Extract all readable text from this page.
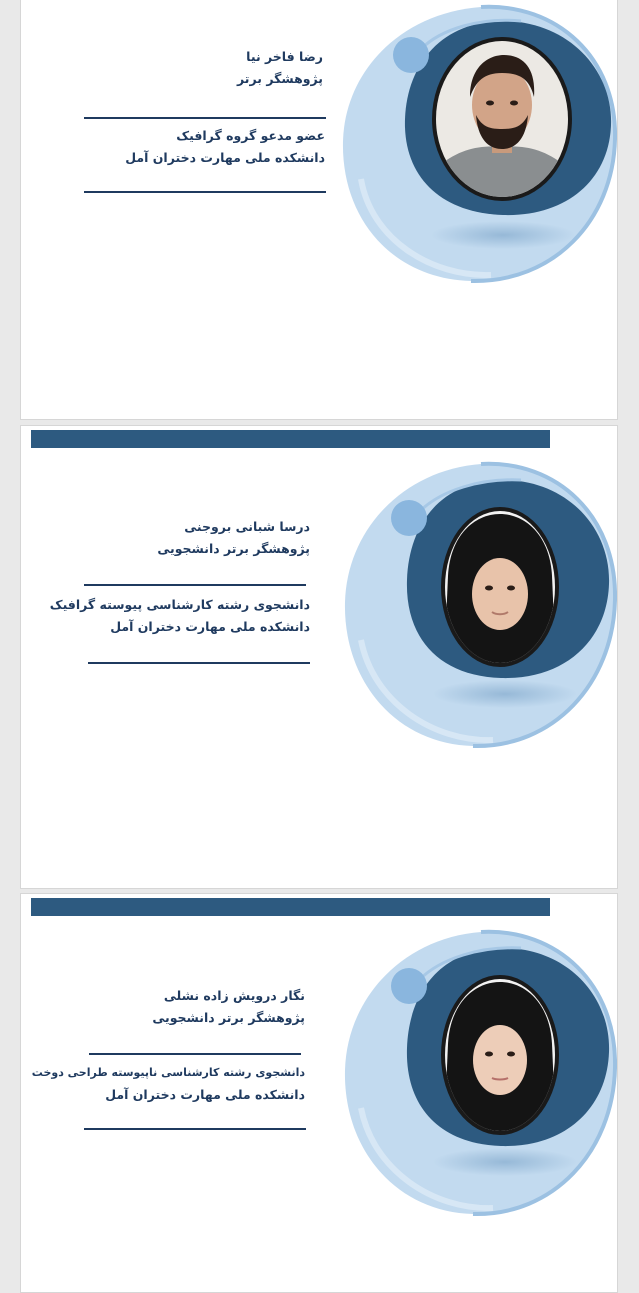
رضا فاخر نیا
پژوهشگر برتر
عضو مدعو گروه گرافیک
دانشکده ملی مهارت دختران آمل
درسا شبانی بروجنی
پژوهشگر برتر دانشجویی
دانشجوی رشته کارشناسی پیوسته گرافیک
دانشکده ملی مهارت دختران آمل
نگار درویش زاده نشلی
پژوهشگر برتر دانشجویی
دانشجوی رشته کارشناسی ناپیوسته طراحی دوخت
دانشکده ملی مهارت دختران آمل
